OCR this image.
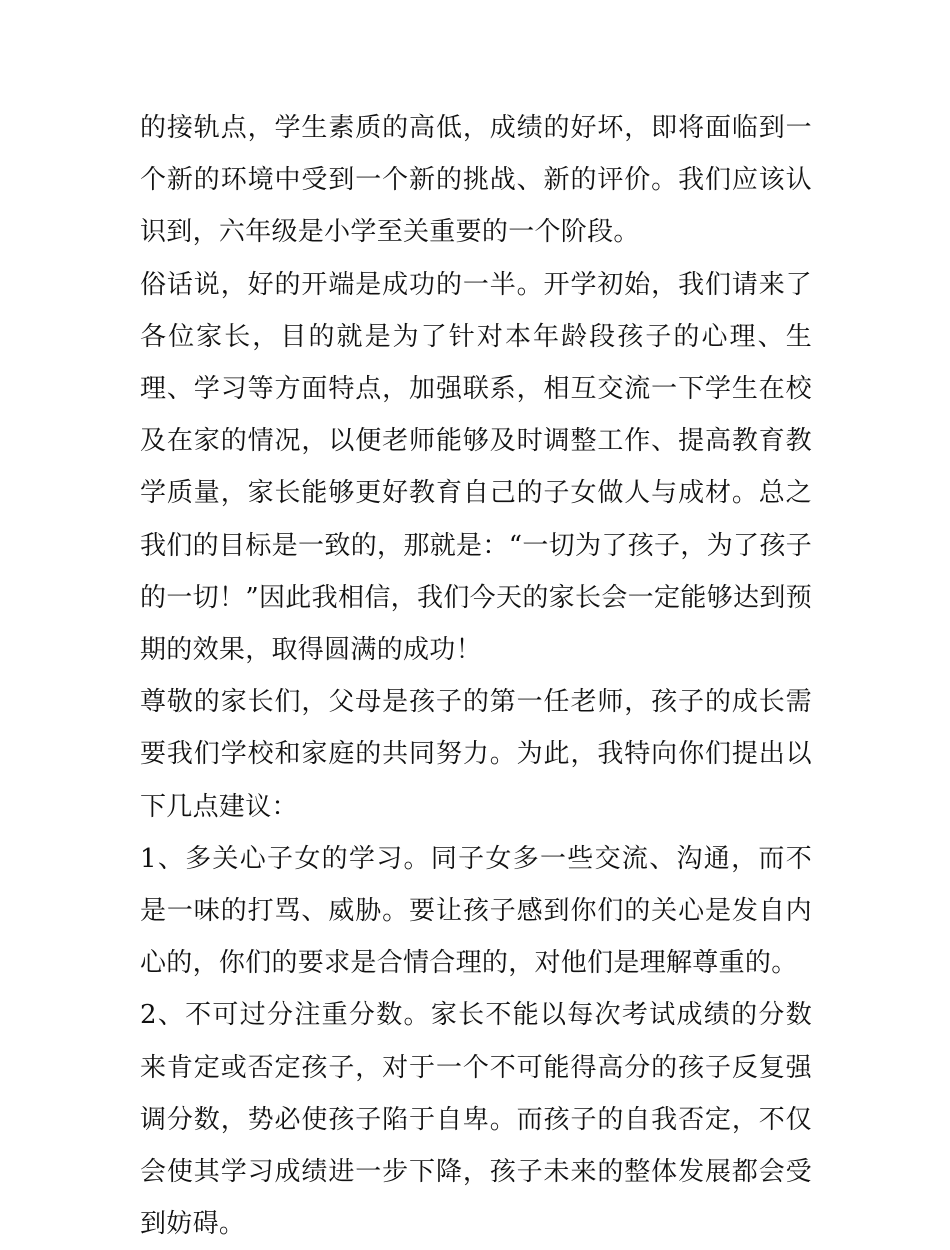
的接轨点，学生素质的高低，成绩的好坏，即将面临到一个新的环境中受到一个新的挑战、新的评价。我们应该认识到，六年级是小学至关重要的一个阶段。

俗话说，好的开端是成功的一半。开学初始，我们请来了各位家长，目的就是为了针对本年龄段孩子的心理、生理、学习等方面特点，加强联系，相互交流一下学生在校及在家的情况，以便老师能够及时调整工作、提高教育教学质量，家长能够更好教育自己的子女做人与成材。总之我们的目标是一致的，那就是：“一切为了孩子，为了孩子的一切！”因此我相信，我们今天的家长会一定能够达到预期的效果，取得圆满的成功！

尊敬的家长们，父母是孩子的第一任老师，孩子的成长需要我们学校和家庭的共同努力。为此，我特向你们提出以下几点建议：

1、多关心子女的学习。同子女多一些交流、沟通，而不是一味的打骂、威胁。要让孩子感到你们的关心是发自内心的，你们的要求是合情合理的，对他们是理解尊重的。

2、不可过分注重分数。家长不能以每次考试成绩的分数来肯定或否定孩子，对于一个不可能得高分的孩子反复强调分数，势必使孩子陷于自卑。而孩子的自我否定，不仅会使其学习成绩进一步下降，孩子未来的整体发展都会受到妨碍。
